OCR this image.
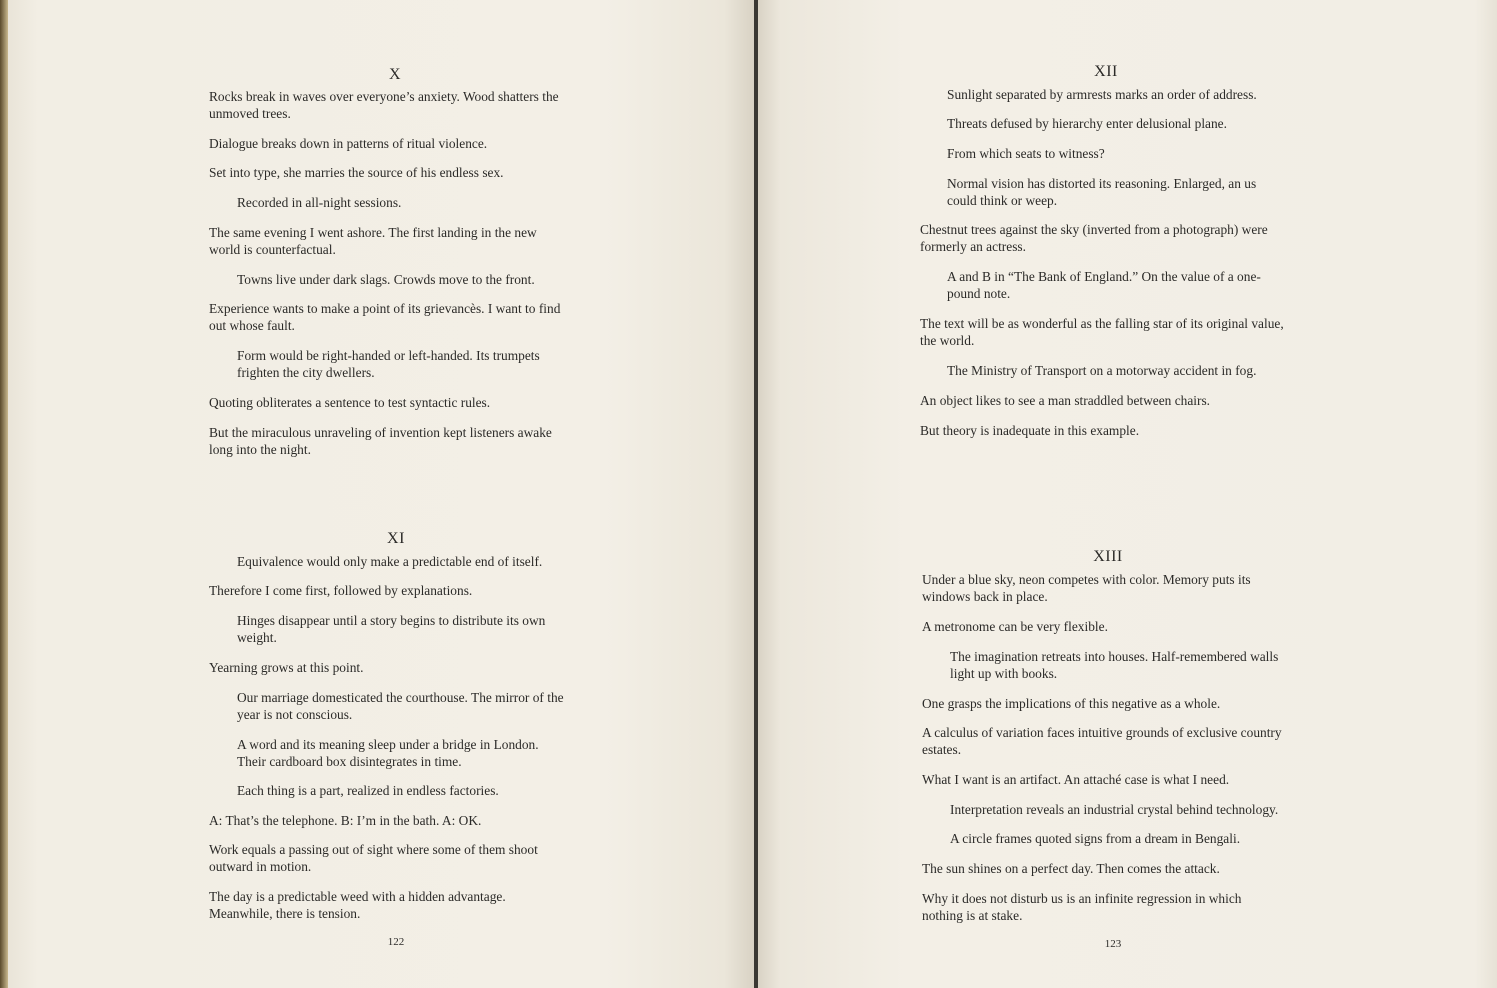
X

Rocks break in waves over everyone’s anxiety. Wood shatters the unmoved trees.

Dialogue breaks down in patterns of ritual violence.

Set into type, she marries the source of his endless sex.

Recorded in all-night sessions.

The same evening I went ashore. The first landing in the new world is counterfactual.

Towns live under dark slags. Crowds move to the front.

Experience wants to make a point of its grievancès. I want to find out whose fault.

Form would be right-handed or left-handed. Its trumpets frighten the city dwellers.

Quoting obliterates a sentence to test syntactic rules.

But the miraculous unraveling of invention kept listeners awake long into the night.

XI

Equivalence would only make a predictable end of itself.

Therefore I come first, followed by explanations.

Hinges disappear until a story begins to distribute its own weight.

Yearning grows at this point.

Our marriage domesticated the courthouse. The mirror of the year is not conscious.

A word and its meaning sleep under a bridge in London. Their cardboard box disintegrates in time.

Each thing is a part, realized in endless factories.

A: That’s the telephone. B: I’m in the bath. A: OK.

Work equals a passing out of sight where some of them shoot outward in motion.

The day is a predictable weed with a hidden advantage. Meanwhile, there is tension.

122
XII

Sunlight separated by armrests marks an order of address.

Threats defused by hierarchy enter delusional plane.

From which seats to witness?

Normal vision has distorted its reasoning. Enlarged, an us could think or weep.

Chestnut trees against the sky (inverted from a photograph) were formerly an actress.

A and B in “The Bank of England.” On the value of a one-pound note.

The text will be as wonderful as the falling star of its original value, the world.

The Ministry of Transport on a motorway accident in fog.

An object likes to see a man straddled between chairs.

But theory is inadequate in this example.

XIII

Under a blue sky, neon competes with color. Memory puts its windows back in place.

A metronome can be very flexible.

The imagination retreats into houses. Half-remembered walls light up with books.

One grasps the implications of this negative as a whole.

A calculus of variation faces intuitive grounds of exclusive country estates.

What I want is an artifact. An attaché case is what I need.

Interpretation reveals an industrial crystal behind technology.

A circle frames quoted signs from a dream in Bengali.

The sun shines on a perfect day. Then comes the attack.

Why it does not disturb us is an infinite regression in which nothing is at stake.

123
